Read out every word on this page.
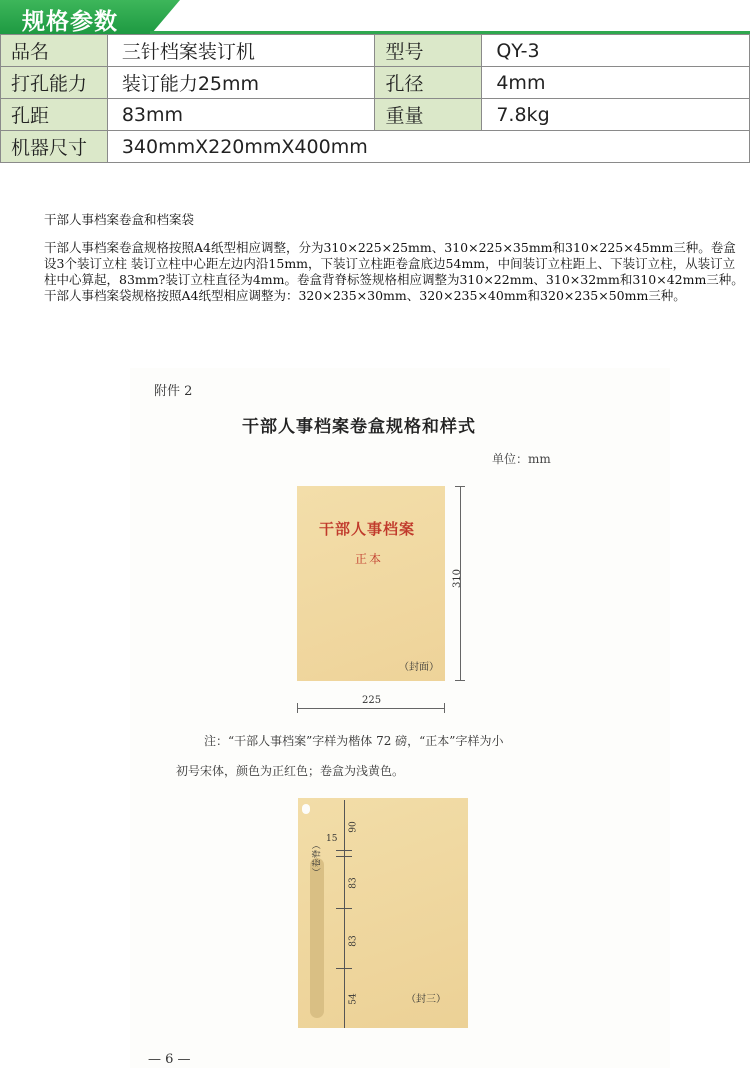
规格参数
品名	三针档案装订机	型号	QY-3
打孔能力	装订能力25mm	孔径	4mm
孔距	83mm	重量	7.8kg
机器尺寸	340mmX220mmX400mm		
干部人事档案卷盒和档案袋

干部人事档案卷盒规格按照A4纸型相应调整，分为310×225×25mm、310×225×35mm和310×225×45mm三种。卷盒设3个装订立柱 装订立柱中心距左边内沿15mm，下装订立柱距卷盒底边54mm，中间装订立柱距上、下装订立柱，从装订立柱中心算起，83mm?装订立柱直径为4mm。卷盒背脊标签规格相应调整为310×22mm、310×32mm和310×42mm三种。

干部人事档案袋规格按照A4纸型相应调整为：320×235×30mm、320×235×40mm和320×235×50mm三种。

附件 2
干部人事档案卷盒规格和样式
单位：mm
干部人事档案
正本
（封面）
310
225
注：“干部人事档案”字样为楷体 72 磅，“正本”字样为小
初号宋体，颜色为正红色；卷盒为浅黄色。
（卷脊）
90
15
83
83
54	（封三）
— 6 —
